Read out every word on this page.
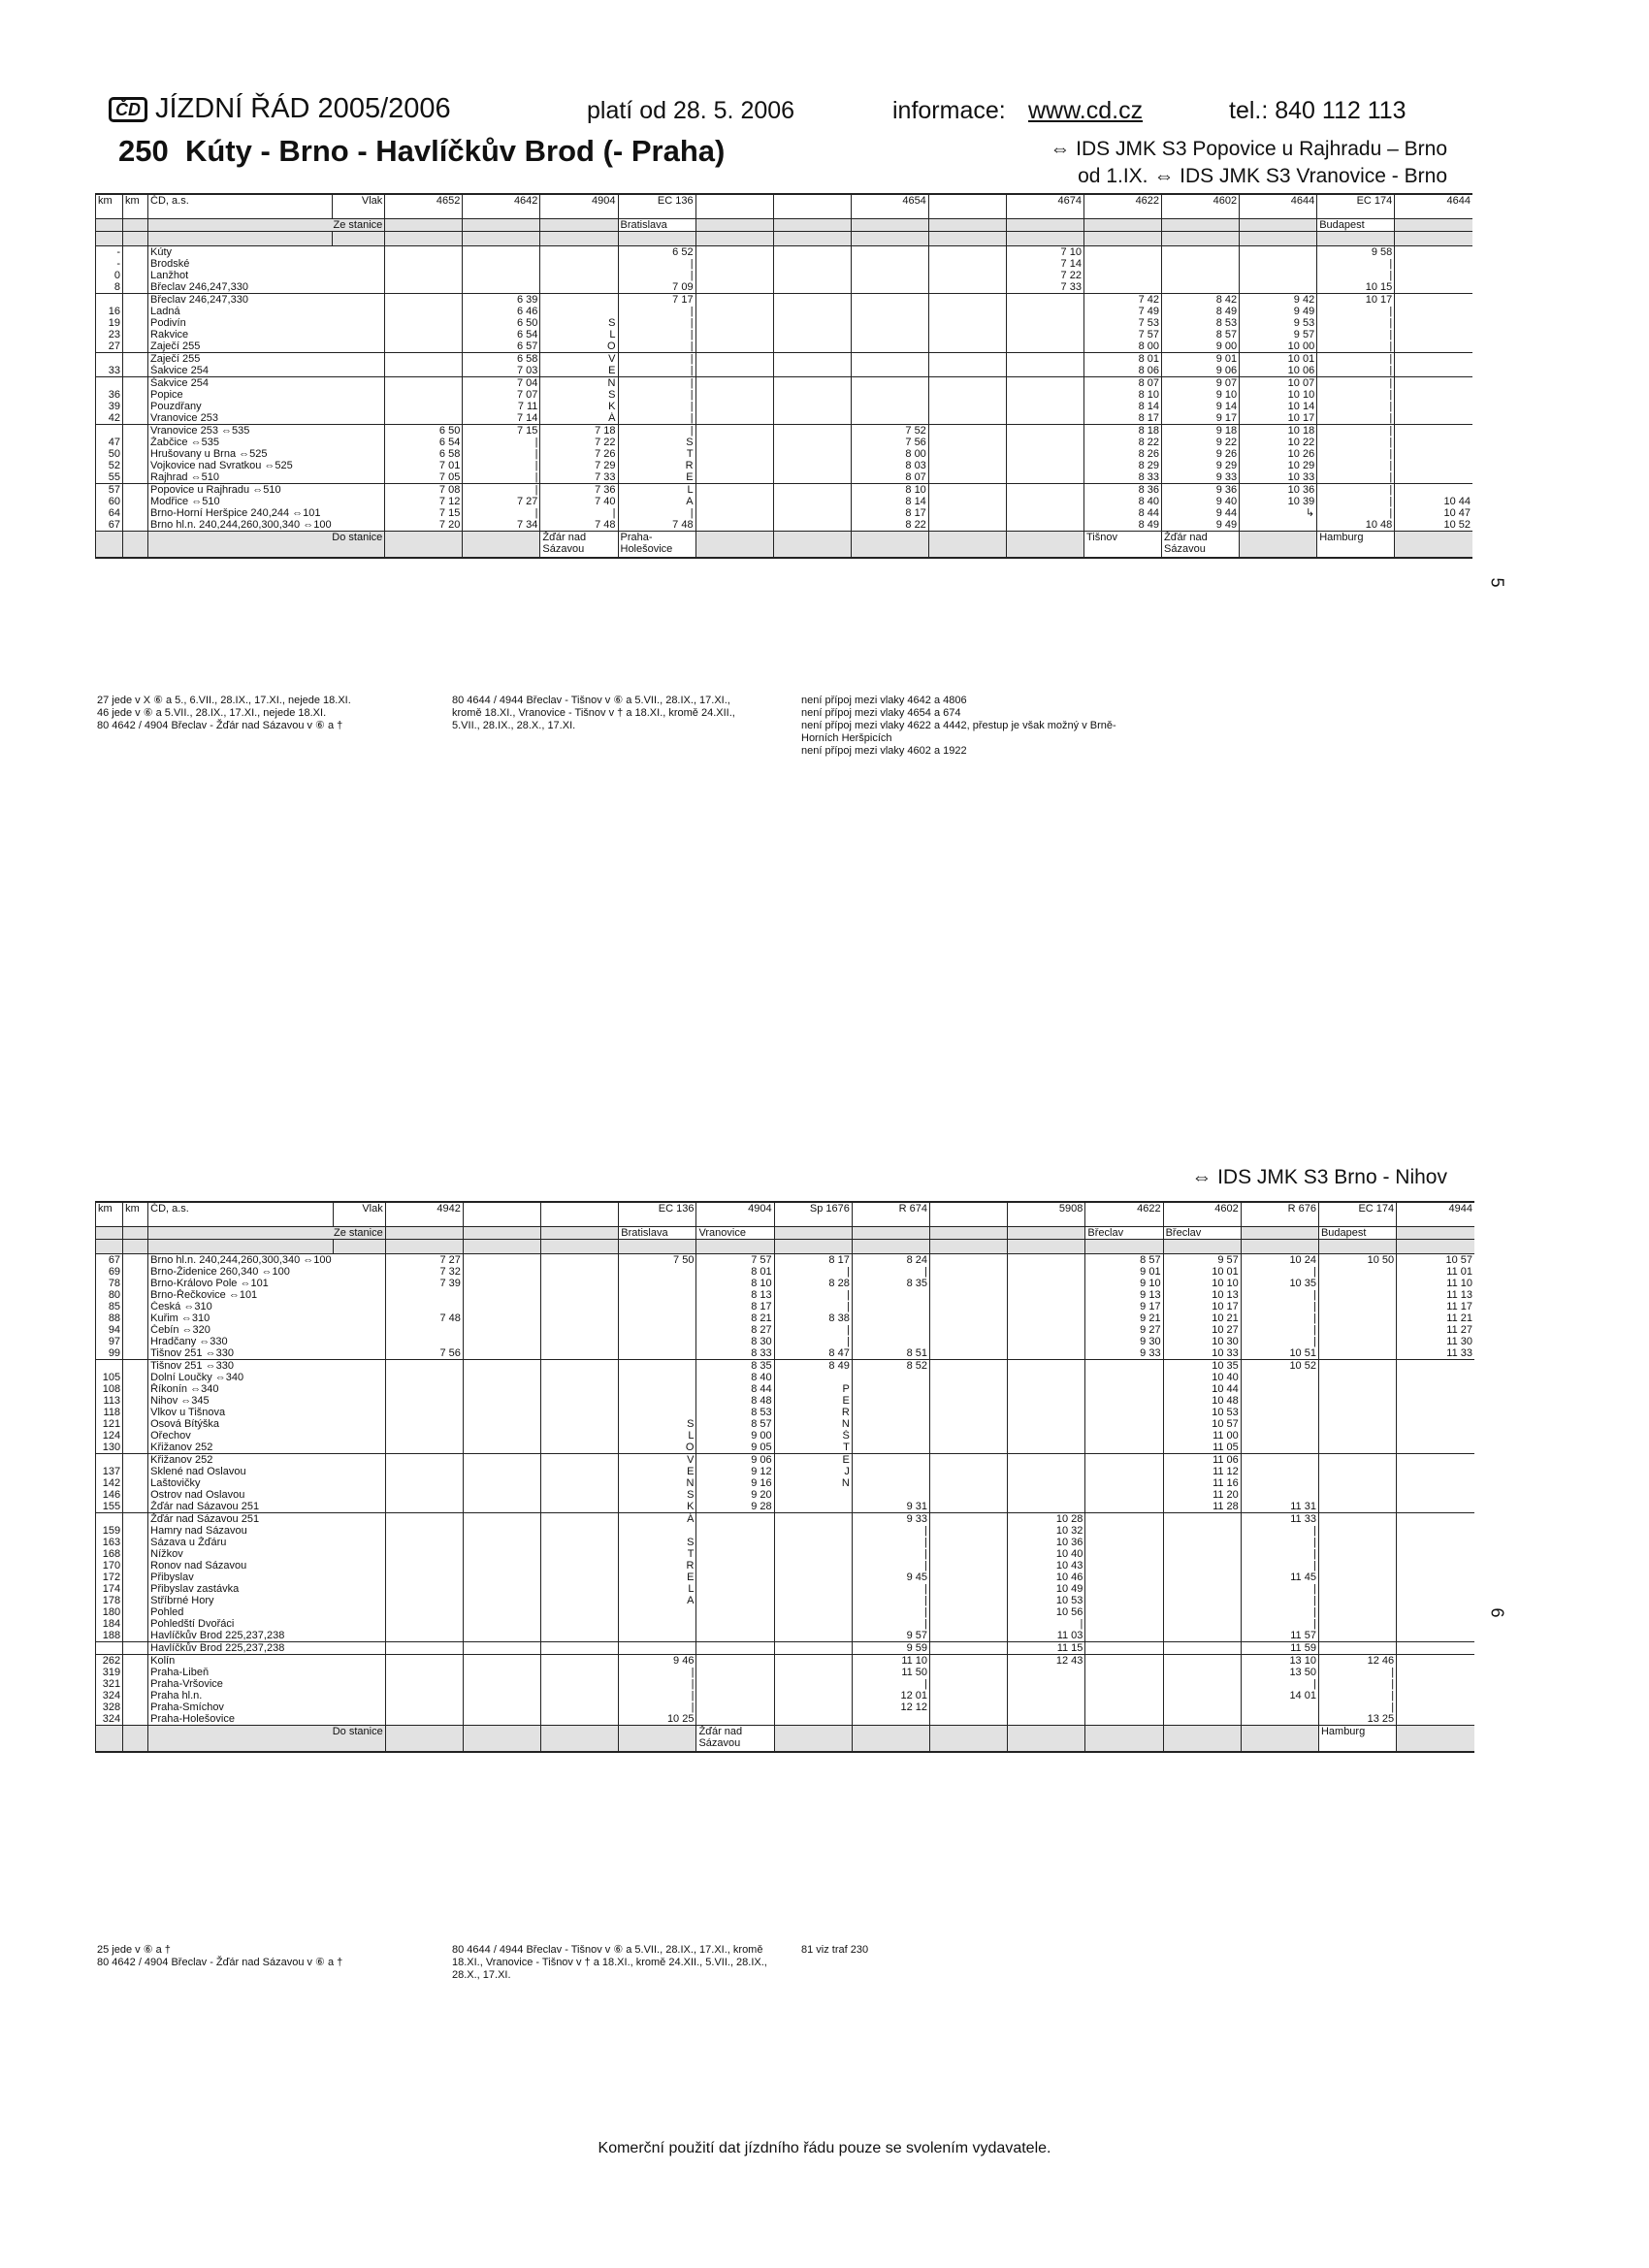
ČD JÍZDNÍ ŘÁD 2005/2006	platí od 28. 5. 2006	informace: www.cd.cz	tel.: 840 112 113
250 Kúty - Brno - Havlíčkův Brod (- Praha)	⇔ IDS JMK S3 Popovice u Rajhradu – Brno
od 1.IX. ⇔ IDS JMK S3 Vranovice - Brno
km	km	ČD, a.s.	Vlak	4652	4642	4904	EC 136			4654		4674	4622	4602	4644	EC 174	4644
		Ze stanice					Bratislava									Budapest	

-		Kúty					6 52					7 10				9 58	
-		Brodské					|					7 14				|	
0		Lanžhot					|					7 22				|	
8		Břeclav 246,247,330					7 09					7 33				10 15	
		Břeclav 246,247,330			6 39		7 17						7 42	8 42	9 42	10 17	
16		Ladná			6 46		|						7 49	8 49	9 49	|	
19		Podivín			6 50	S	|						7 53	8 53	9 53	|	
23		Rakvice			6 54	L	|						7 57	8 57	9 57	|	
27		Zaječí 255			6 57	O	|						8 00	9 00	10 00	|	
		Zaječí 255			6 58	V	|						8 01	9 01	10 01	|	
33		Šakvice 254			7 03	E	|						8 06	9 06	10 06	|	
		Šakvice 254			7 04	N	|						8 07	9 07	10 07	|	
36		Popice			7 07	S	|						8 10	9 10	10 10	|	
39		Pouzdřany			7 11	K	|						8 14	9 14	10 14	|	
42		Vranovice 253			7 14	Á	|						8 17	9 17	10 17	|	
		Vranovice 253 ⇔535		6 50	7 15	7 18	|			7 52			8 18	9 18	10 18	|	
47		Žabčice ⇔535		6 54	|	7 22	S			7 56			8 22	9 22	10 22	|	
50		Hrušovany u Brna ⇔525		6 58	|	7 26	T			8 00			8 26	9 26	10 26	|	
52		Vojkovice nad Svratkou ⇔525		7 01	|	7 29	R			8 03			8 29	9 29	10 29	|	
55		Rajhrad ⇔510		7 05	|	7 33	E			8 07			8 33	9 33	10 33	|	
57		Popovice u Rajhradu ⇔510		7 08	|	7 36	L			8 10			8 36	9 36	10 36	|	
60		Modřice ⇔510		7 12	7 27	7 40	A			8 14			8 40	9 40	10 39	|	10 44
64		Brno-Horní Heršpice 240,244 ⇔101		7 15	|	|	|			8 17			8 44	9 44	↳	|	10 47
67		Brno hl.n. 240,244,260,300,340 ⇔100		7 20	7 34	7 48	7 48			8 22			8 49	9 49		10 48	10 52
		Do stanice				Žďár nad Sázavou	Praha-Holešovice						Tišnov	Žďár nad Sázavou		Hamburg	
27 jede v X ⑥ a 5., 6.VII., 28.IX., 17.XI., nejede 18.XI.
46 jede v ⑥ a 5.VII., 28.IX., 17.XI., nejede 18.XI.
80 4642 / 4904 Břeclav - Žďár nad Sázavou v ⑥ a †
80 4644 / 4944 Břeclav - Tišnov v ⑥ a 5.VII., 28.IX., 17.XI., kromě 18.XI., Vranovice - Tišnov v † a 18.XI., kromě 24.XII., 5.VII., 28.IX., 28.X., 17.XI.
není přípoj mezi vlaky 4642 a 4806
není přípoj mezi vlaky 4654 a 674
není přípoj mezi vlaky 4622 a 4442, přestup je však možný v Brně-Horních Heršpicích
není přípoj mezi vlaky 4602 a 1922
5
⇔ IDS JMK S3 Brno - Nihov
km	km	ČD, a.s.	Vlak	4942			EC 136	4904	Sp 1676	R 674		5908	4622	4602	R 676	EC 174	4944
		Ze stanice					Bratislava	Vranovice					Břeclav	Břeclav		Budapest	

67		Brno hl.n. 240,244,260,300,340 ⇔100		7 27			7 50	7 57	8 17	8 24			8 57	9 57	10 24	10 50	10 57
69		Brno-Židenice 260,340 ⇔100		7 32				8 01	|	|			9 01	10 01	|		11 01
78		Brno-Královo Pole ⇔101		7 39				8 10	8 28	8 35			9 10	10 10	10 35		11 10
80		Brno-Řečkovice ⇔101						8 13	|				9 13	10 13	|		11 13
85		Česká ⇔310						8 17	|				9 17	10 17	|		11 17
88		Kuřim ⇔310		7 48				8 21	8 38				9 21	10 21	|		11 21
94		Čebín ⇔320						8 27	|				9 27	10 27	|		11 27
97		Hradčany ⇔330						8 30	|				9 30	10 30	|		11 30
99		Tišnov 251 ⇔330		7 56				8 33	8 47	8 51			9 33	10 33	10 51		11 33
		Tišnov 251 ⇔330						8 35	8 49	8 52				10 35	10 52		
105		Dolní Loučky ⇔340						8 40						10 40			
108		Říkonín ⇔340						8 44	P					10 44			
113		Nihov ⇔345						8 48	E					10 48			
118		Vlkov u Tišnova						8 53	R					10 53			
121		Osová Bítýška					S	8 57	N					10 57			
124		Ořechov					L	9 00	Š					11 00			
130		Křižanov 252					O	9 05	T					11 05			
		Křižanov 252					V	9 06	E					11 06			
137		Sklené nad Oslavou					E	9 12	J					11 12			
142		Laštovičky					N	9 16	N					11 16			
146		Ostrov nad Oslavou					S	9 20						11 20			
155		Žďár nad Sázavou 251					K	9 28		9 31				11 28	11 31		
		Žďár nad Sázavou 251					Á			9 33		10 28			11 33		
159		Hamry nad Sázavou								|		10 32			|		
163		Sázava u Žďáru					S			|		10 36			|		
168		Nížkov					T			|		10 40			|		
170		Ronov nad Sázavou					R			|		10 43			|		
172		Přibyslav					E			9 45		10 46			11 45		
174		Přibyslav zastávka					L			|		10 49			|		
178		Stříbrné Hory					A			|		10 53			|		
180		Pohled								|		10 56			|		
184		Pohledští Dvořáci								|		|			|		
188		Havlíčkův Brod 225,237,238								9 57		11 03			11 57		
		Havlíčkův Brod 225,237,238								9 59		11 15			11 59		
262		Kolín					9 46			11 10		12 43			13 10	12 46	
319		Praha-Libeň					|			11 50					13 50	|	
321		Praha-Vršovice					|			|					|	|	
324		Praha hl.n.					|			12 01					14 01	|	
328		Praha-Smíchov					|			12 12						|	
324		Praha-Holešovice					10 25									13 25	
		Do stanice						Žďár nad Sázavou								Hamburg	
25 jede v ⑥ a †
80 4642 / 4904 Břeclav - Žďár nad Sázavou v ⑥ a †
80 4644 / 4944 Břeclav - Tišnov v ⑥ a 5.VII., 28.IX., 17.XI., kromě 18.XI., Vranovice - Tišnov v † a 18.XI., kromě 24.XII., 5.VII., 28.IX., 28.X., 17.XI.
81 viz traf 230
6
Komerční použití dat jízdního řádu pouze se svolením vydavatele.
